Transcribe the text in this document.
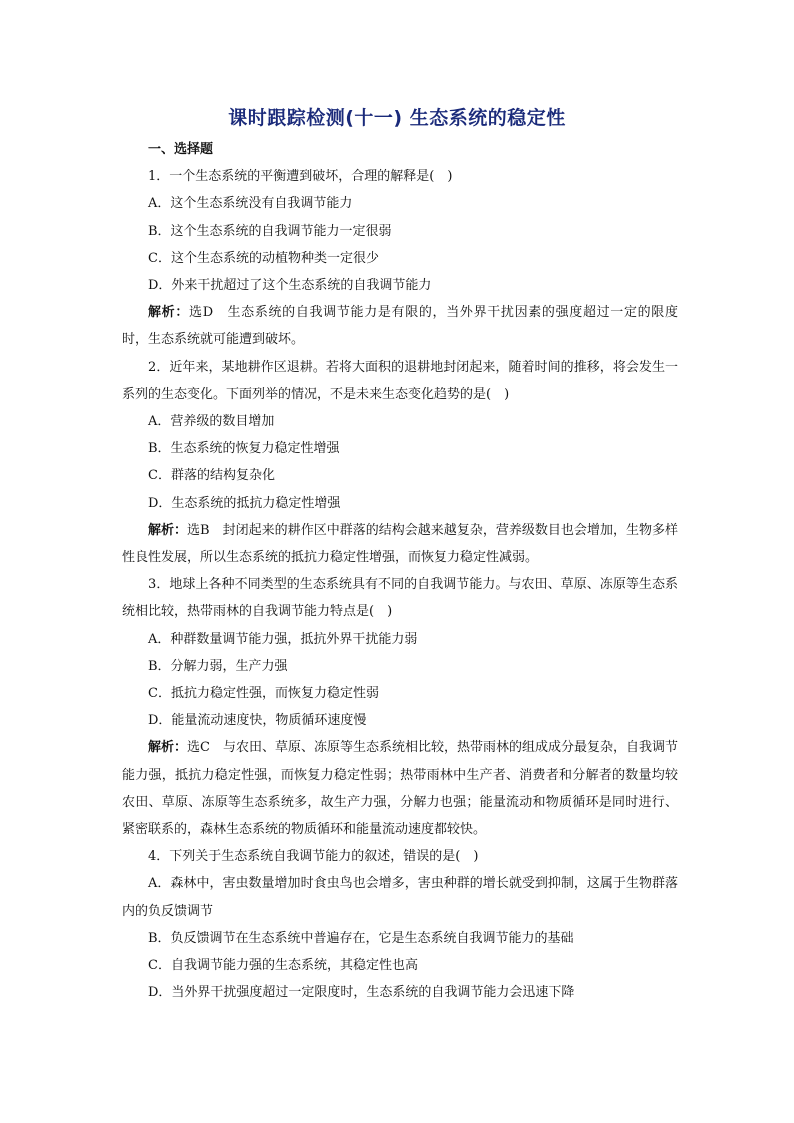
课时跟踪检测(十一) 生态系统的稳定性

一、选择题

1．一个生态系统的平衡遭到破坏，合理的解释是(　)

A．这个生态系统没有自我调节能力

B．这个生态系统的自我调节能力一定很弱

C．这个生态系统的动植物种类一定很少

D．外来干扰超过了这个生态系统的自我调节能力

解析：选D　生态系统的自我调节能力是有限的，当外界干扰因素的强度超过一定的限度时，生态系统就可能遭到破坏。

2．近年来，某地耕作区退耕。若将大面积的退耕地封闭起来，随着时间的推移，将会发生一系列的生态变化。下面列举的情况，不是未来生态变化趋势的是(　)

A．营养级的数目增加

B．生态系统的恢复力稳定性增强

C．群落的结构复杂化

D．生态系统的抵抗力稳定性增强

解析：选B　封闭起来的耕作区中群落的结构会越来越复杂，营养级数目也会增加，生物多样性良性发展，所以生态系统的抵抗力稳定性增强，而恢复力稳定性减弱。

3．地球上各种不同类型的生态系统具有不同的自我调节能力。与农田、草原、冻原等生态系统相比较，热带雨林的自我调节能力特点是(　)

A．种群数量调节能力强，抵抗外界干扰能力弱

B．分解力弱，生产力强

C．抵抗力稳定性强，而恢复力稳定性弱

D．能量流动速度快，物质循环速度慢

解析：选C　与农田、草原、冻原等生态系统相比较，热带雨林的组成成分最复杂，自我调节能力强，抵抗力稳定性强，而恢复力稳定性弱；热带雨林中生产者、消费者和分解者的数量均较农田、草原、冻原等生态系统多，故生产力强，分解力也强；能量流动和物质循环是同时进行、紧密联系的，森林生态系统的物质循环和能量流动速度都较快。

4．下列关于生态系统自我调节能力的叙述，错误的是(　)

A．森林中，害虫数量增加时食虫鸟也会增多，害虫种群的增长就受到抑制，这属于生物群落内的负反馈调节

B．负反馈调节在生态系统中普遍存在，它是生态系统自我调节能力的基础

C．自我调节能力强的生态系统，其稳定性也高

D．当外界干扰强度超过一定限度时，生态系统的自我调节能力会迅速下降
